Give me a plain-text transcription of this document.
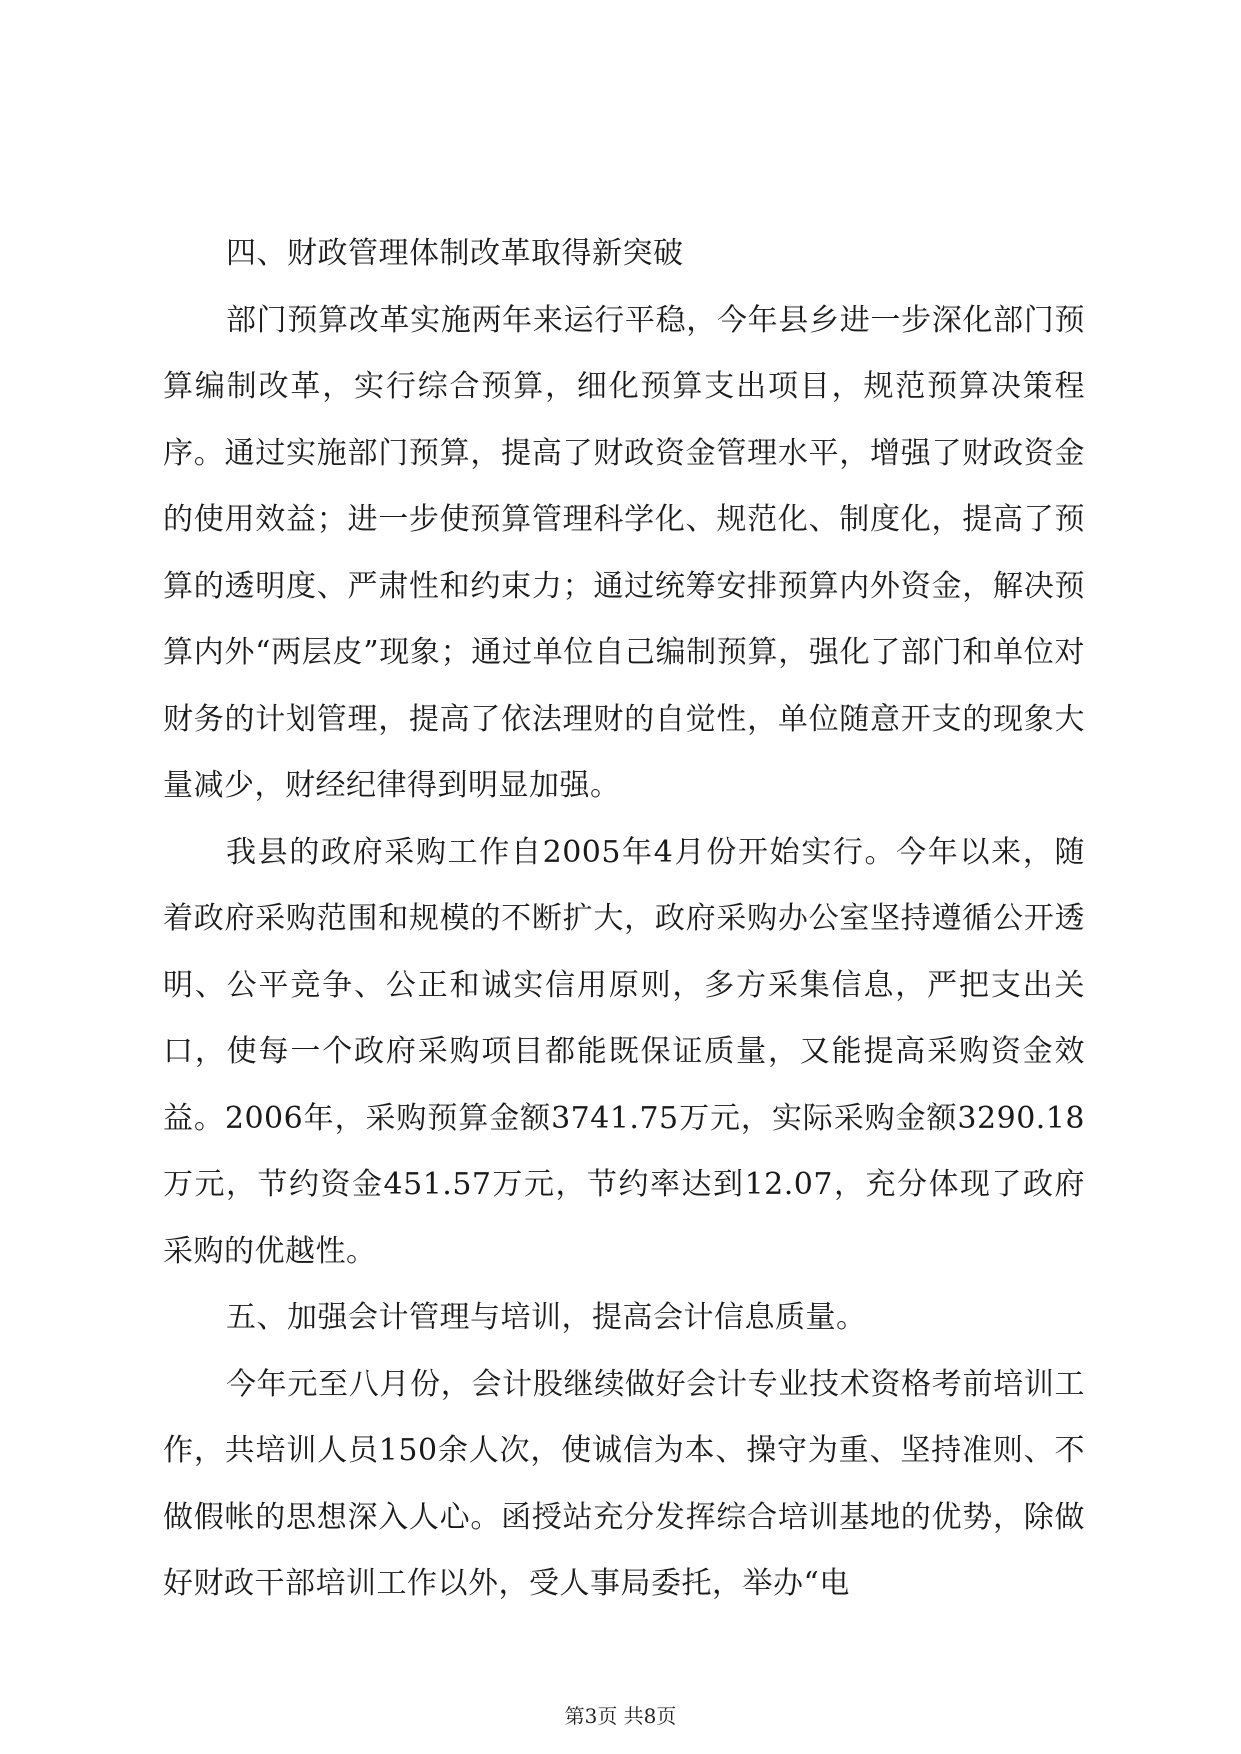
四、财政管理体制改革取得新突破

部门预算改革实施两年来运行平稳，今年县乡进一步深化部门预算编制改革，实行综合预算，细化预算支出项目，规范预算决策程序。通过实施部门预算，提高了财政资金管理水平，增强了财政资金的使用效益；进一步使预算管理科学化、规范化、制度化，提高了预算的透明度、严肃性和约束力；通过统筹安排预算内外资金，解决预算内外“两层皮”现象；通过单位自己编制预算，强化了部门和单位对财务的计划管理，提高了依法理财的自觉性，单位随意开支的现象大量减少，财经纪律得到明显加强。

我县的政府采购工作自2005年4月份开始实行。今年以来，随着政府采购范围和规模的不断扩大，政府采购办公室坚持遵循公开透明、公平竞争、公正和诚实信用原则，多方采集信息，严把支出关口，使每一个政府采购项目都能既保证质量，又能提高采购资金效益。2006年，采购预算金额3741.75万元，实际采购金额3290.18万元，节约资金451.57万元，节约率达到12.07，充分体现了政府采购的优越性。

五、加强会计管理与培训，提高会计信息质量。

今年元至八月份，会计股继续做好会计专业技术资格考前培训工作，共培训人员150余人次，使诚信为本、操守为重、坚持准则、不做假帐的思想深入人心。函授站充分发挥综合培训基地的优势，除做好财政干部培训工作以外，受人事局委托，举办“电

第3页 共8页
